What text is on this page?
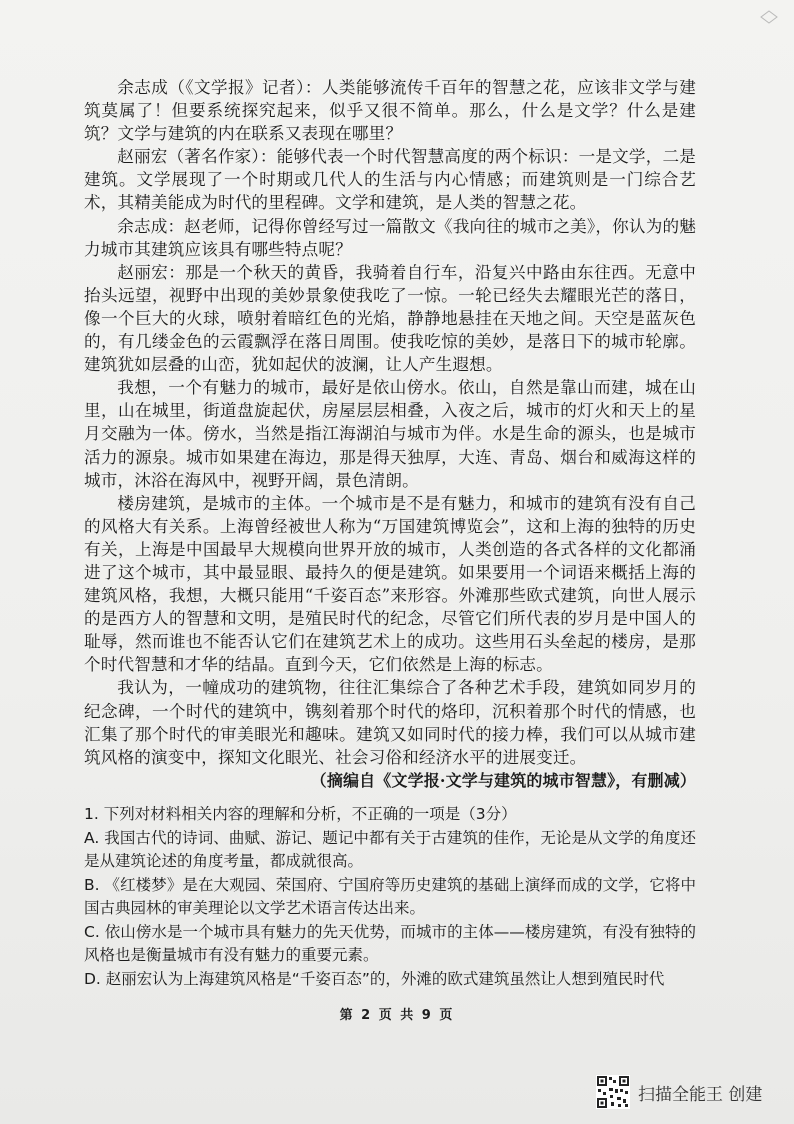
余志成（《文学报》记者）：人类能够流传千百年的智慧之花，应该非文学与建筑莫属了！但要系统探究起来，似乎又很不简单。那么，什么是文学？什么是建筑？文学与建筑的内在联系又表现在哪里？

赵丽宏（著名作家）：能够代表一个时代智慧高度的两个标识：一是文学，二是建筑。文学展现了一个时期或几代人的生活与内心情感；而建筑则是一门综合艺术，其精美能成为时代的里程碑。文学和建筑，是人类的智慧之花。

余志成：赵老师，记得你曾经写过一篇散文《我向往的城市之美》，你认为的魅力城市其建筑应该具有哪些特点呢？

赵丽宏：那是一个秋天的黄昏，我骑着自行车，沿复兴中路由东往西。无意中抬头远望，视野中出现的美妙景象使我吃了一惊。一轮已经失去耀眼光芒的落日，像一个巨大的火球，喷射着暗红色的光焰，静静地悬挂在天地之间。天空是蓝灰色的，有几缕金色的云霞飘浮在落日周围。使我吃惊的美妙，是落日下的城市轮廓。建筑犹如层叠的山峦，犹如起伏的波澜，让人产生遐想。

我想，一个有魅力的城市，最好是依山傍水。依山，自然是靠山而建，城在山里，山在城里，街道盘旋起伏，房屋层层相叠，入夜之后，城市的灯火和天上的星月交融为一体。傍水，当然是指江海湖泊与城市为伴。水是生命的源头，也是城市活力的源泉。城市如果建在海边，那是得天独厚，大连、青岛、烟台和威海这样的城市，沐浴在海风中，视野开阔，景色清朗。

楼房建筑，是城市的主体。一个城市是不是有魅力，和城市的建筑有没有自己的风格大有关系。上海曾经被世人称为“万国建筑博览会”，这和上海的独特的历史有关，上海是中国最早大规模向世界开放的城市，人类创造的各式各样的文化都涌进了这个城市，其中最显眼、最持久的便是建筑。如果要用一个词语来概括上海的建筑风格，我想，大概只能用“千姿百态”来形容。外滩那些欧式建筑，向世人展示的是西方人的智慧和文明，是殖民时代的纪念，尽管它们所代表的岁月是中国人的耻辱，然而谁也不能否认它们在建筑艺术上的成功。这些用石头垒起的楼房，是那个时代智慧和才华的结晶。直到今天，它们依然是上海的标志。

我认为，一幢成功的建筑物，往往汇集综合了各种艺术手段，建筑如同岁月的纪念碑，一个时代的建筑中，镌刻着那个时代的烙印，沉积着那个时代的情感，也汇集了那个时代的审美眼光和趣味。建筑又如同时代的接力棒，我们可以从城市建筑风格的演变中，探知文化眼光、社会习俗和经济水平的进展变迁。

（摘编自《文学报·文学与建筑的城市智慧》，有删减）

1. 下列对材料相关内容的理解和分析，不正确的一项是（3分）

A. 我国古代的诗词、曲赋、游记、题记中都有关于古建筑的佳作，无论是从文学的角度还是从建筑论述的角度考量，都成就很高。

B. 《红楼梦》是在大观园、荣国府、宁国府等历史建筑的基础上演绎而成的文学，它将中国古典园林的审美理论以文学艺术语言传达出来。

C. 依山傍水是一个城市具有魅力的先天优势，而城市的主体——楼房建筑，有没有独特的风格也是衡量城市有没有魅力的重要元素。

D. 赵丽宏认为上海建筑风格是“千姿百态”的，外滩的欧式建筑虽然让人想到殖民时代

第 2 页 共 9 页
扫描全能王 创建
